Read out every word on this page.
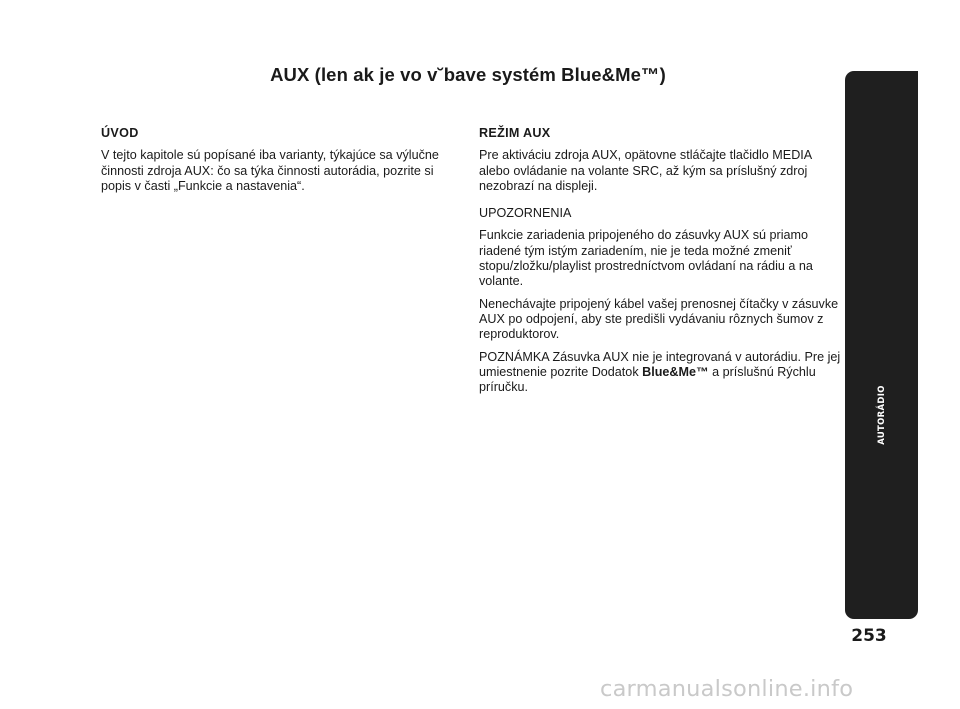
AUX (len ak je vo v˘bave systém Blue&Me™)
ÚVOD

V tejto kapitole sú popísané iba varianty, týkajúce sa výlučne činnosti zdroja AUX: čo sa týka činnosti autorádia, pozrite si popis v časti „Funkcie a nastavenia“.

REŽIM AUX

Pre aktiváciu zdroja AUX, opätovne stláčajte tlačidlo MEDIA alebo ovládanie na volante SRC, až kým sa príslušný zdroj nezobrazí na displeji.

UPOZORNENIA

Funkcie zariadenia pripojeného do zásuvky AUX sú priamo riadené tým istým zariadením, nie je teda možné zmeniť stopu/zložku/playlist prostredníctvom ovládaní na rádiu a na volante.

Nenechávajte pripojený kábel vašej prenosnej čítačky v zásuvke AUX po odpojení, aby ste predišli vydávaniu rôznych šumov z reproduktorov.

POZNÁMKA Zásuvka AUX nie je integrovaná v autorádiu. Pre jej umiestnenie pozrite Dodatok Blue&Me™ a príslušnú Rýchlu príručku.	AUTORÁDIO
253
carmanualsonline.info
